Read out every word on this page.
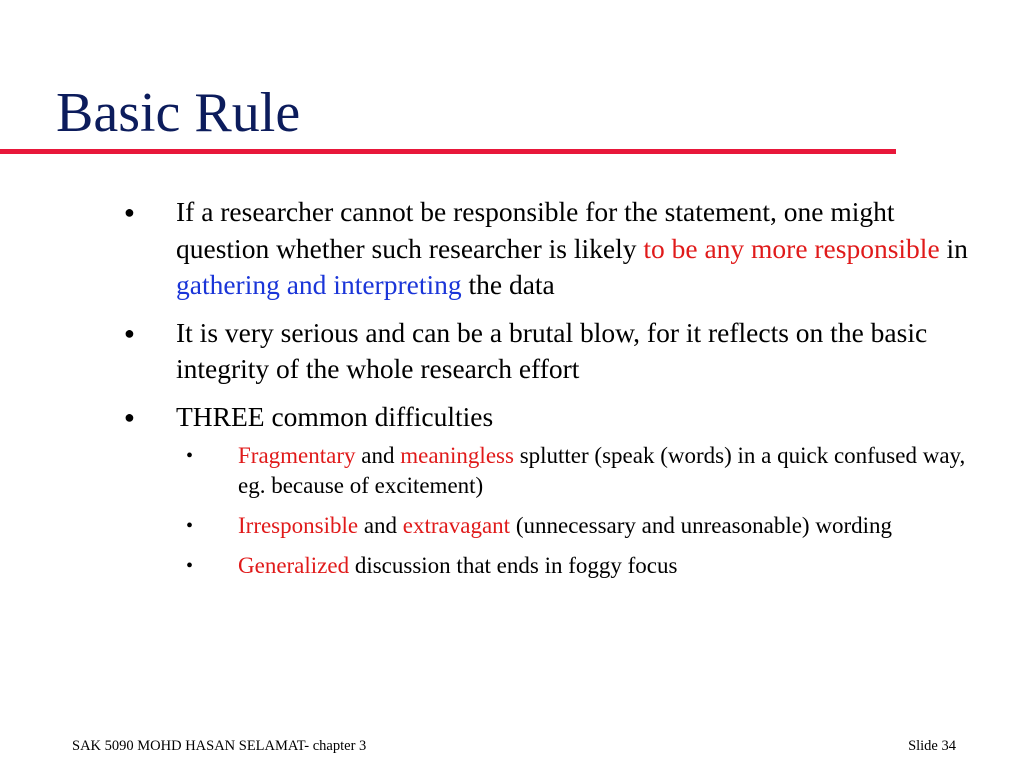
Basic Rule
● If a researcher cannot be responsible for the statement, one might question whether such researcher is likely to be any more responsible in gathering and interpreting the data
● It is very serious and can be a brutal blow, for it reflects on the basic integrity of the whole research effort
● THREE common difficulties
• Fragmentary and meaningless splutter (speak (words) in a quick confused way, eg. because of excitement)
• Irresponsible and extravagant (unnecessary and unreasonable) wording
• Generalized discussion that ends in foggy focus
SAK 5090 MOHD HASAN SELAMAT- chapter 3	Slide 34
